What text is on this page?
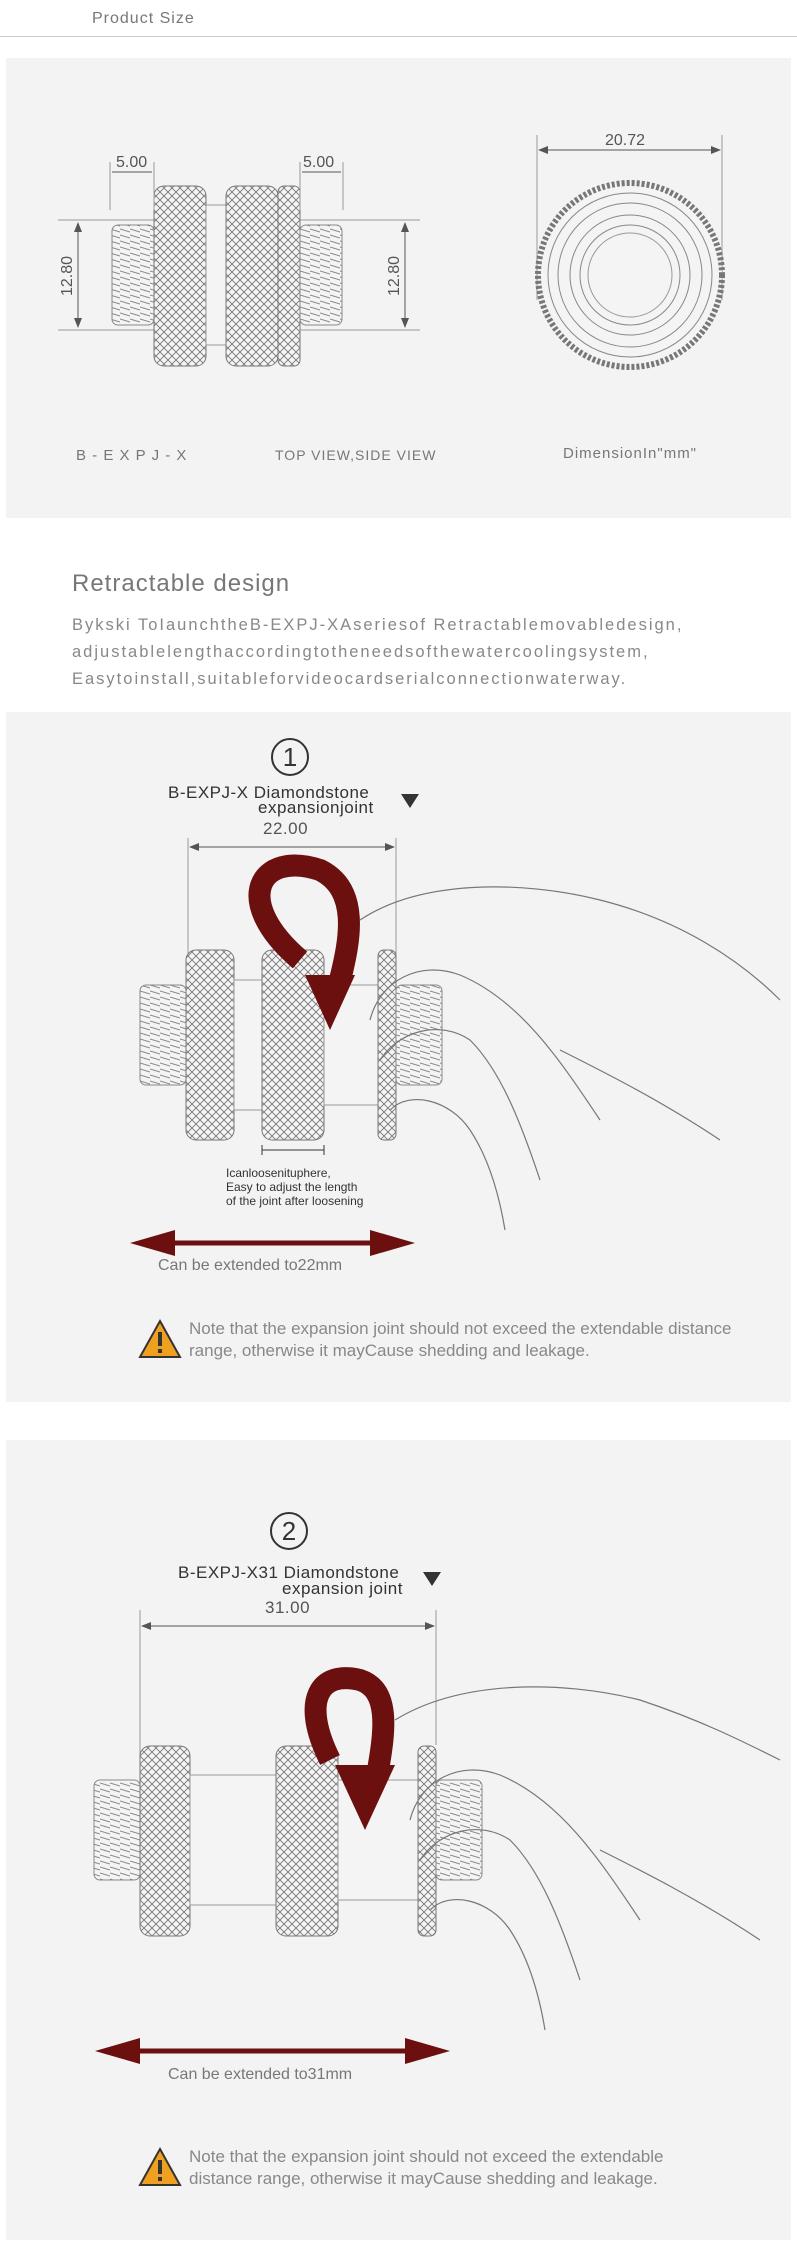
Product Size
5.00	5.00
12.80	12.80
20.72
B - E X P J - X	TOP VIEW,SIDE VIEW	DimensionIn"mm"
Retractable design
Bykski ToIaunchtheB-EXPJ-XAseriesof Retractablemovabledesign,
adjustablelengthaccordingtotheneedsofthewatercoolingsystem,
Easytoinstall,suitableforvideocardserialconnectionwaterway.
1
B-EXPJ-X Diamondstone
expansionjoint
22.00
Icanloosenituphere,
Easy to adjust the length
of the joint after loosening
Can be extended to22mm
Note that the expansion joint should not exceed the extendable distance range, otherwise it mayCause shedding and leakage.
2
B-EXPJ-X31 Diamondstone
expansion joint
31.00
Can be extended to31mm
Note that the expansion joint should not exceed the extendable distance range, otherwise it mayCause shedding and leakage.
